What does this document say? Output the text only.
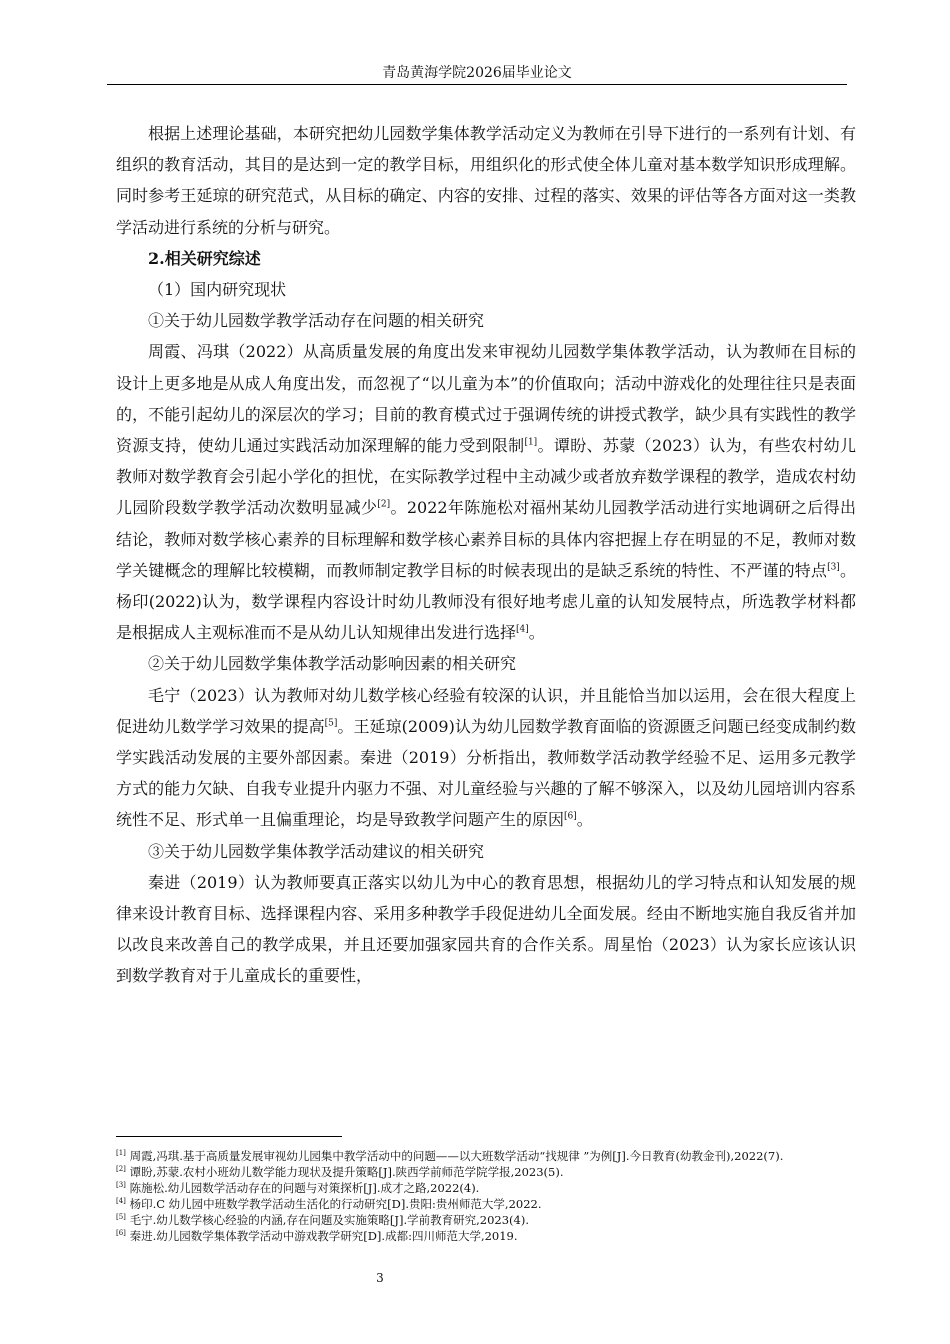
青岛黄海学院2026届毕业论文

根据上述理论基础，本研究把幼儿园数学集体教学活动定义为教师在引导下进行的一系列有计划、有组织的教育活动，其目的是达到一定的教学目标，用组织化的形式使全体儿童对基本数学知识形成理解。同时参考王延琼的研究范式，从目标的确定、内容的安排、过程的落实、效果的评估等各方面对这一类教学活动进行系统的分析与研究。

2.相关研究综述

（1）国内研究现状

①关于幼儿园数学教学活动存在问题的相关研究

周霞、冯琪（2022）从高质量发展的角度出发来审视幼儿园数学集体教学活动，认为教师在目标的设计上更多地是从成人角度出发，而忽视了“以儿童为本”的价值取向；活动中游戏化的处理往往只是表面的，不能引起幼儿的深层次的学习；目前的教育模式过于强调传统的讲授式教学，缺少具有实践性的教学资源支持，使幼儿通过实践活动加深理解的能力受到限制[1]。谭盼、苏蒙（2023）认为，有些农村幼儿教师对数学教育会引起小学化的担忧，在实际教学过程中主动减少或者放弃数学课程的教学，造成农村幼儿园阶段数学教学活动次数明显减少[2]。2022年陈施松对福州某幼儿园教学活动进行实地调研之后得出结论，教师对数学核心素养的目标理解和数学核心素养目标的具体内容把握上存在明显的不足，教师对数学关键概念的理解比较模糊，而教师制定教学目标的时候表现出的是缺乏系统的特性、不严谨的特点[3]。杨印(2022)认为，数学课程内容设计时幼儿教师没有很好地考虑儿童的认知发展特点，所选教学材料都是根据成人主观标准而不是从幼儿认知规律出发进行选择[4]。

②关于幼儿园数学集体教学活动影响因素的相关研究

毛宁（2023）认为教师对幼儿数学核心经验有较深的认识，并且能恰当加以运用，会在很大程度上促进幼儿数学学习效果的提高[5]。王延琼(2009)认为幼儿园数学教育面临的资源匮乏问题已经变成制约数学实践活动发展的主要外部因素。秦进（2019）分析指出，教师数学活动教学经验不足、运用多元教学方式的能力欠缺、自我专业提升内驱力不强、对儿童经验与兴趣的了解不够深入，以及幼儿园培训内容系统性不足、形式单一且偏重理论，均是导致教学问题产生的原因[6]。

③关于幼儿园数学集体教学活动建议的相关研究

秦进（2019）认为教师要真正落实以幼儿为中心的教育思想，根据幼儿的学习特点和认知发展的规律来设计教育目标、选择课程内容、采用多种教学手段促进幼儿全面发展。经由不断地实施自我反省并加以改良来改善自己的教学成果，并且还要加强家园共育的合作关系。周星怡（2023）认为家长应该认识到数学教育对于儿童成长的重要性，

[1] 周霞,冯琪.基于高质量发展审视幼儿园集中教学活动中的问题——以大班数学活动“找规律 ”为例[J].今日教育(幼教金刊),2022(7).

[2] 谭盼,苏蒙.农村小班幼儿数学能力现状及提升策略[J].陕西学前师范学院学报,2023(5).

[3] 陈施松.幼儿园数学活动存在的问题与对策探析[J].成才之路,2022(4).

[4] 杨印.C 幼儿园中班数学教学活动生活化的行动研究[D].贵阳:贵州师范大学,2022.

[5] 毛宁.幼儿数学核心经验的内涵,存在问题及实施策略[J].学前教育研究,2023(4).

[6] 秦进.幼儿园数学集体教学活动中游戏教学研究[D].成都:四川师范大学,2019.

3
